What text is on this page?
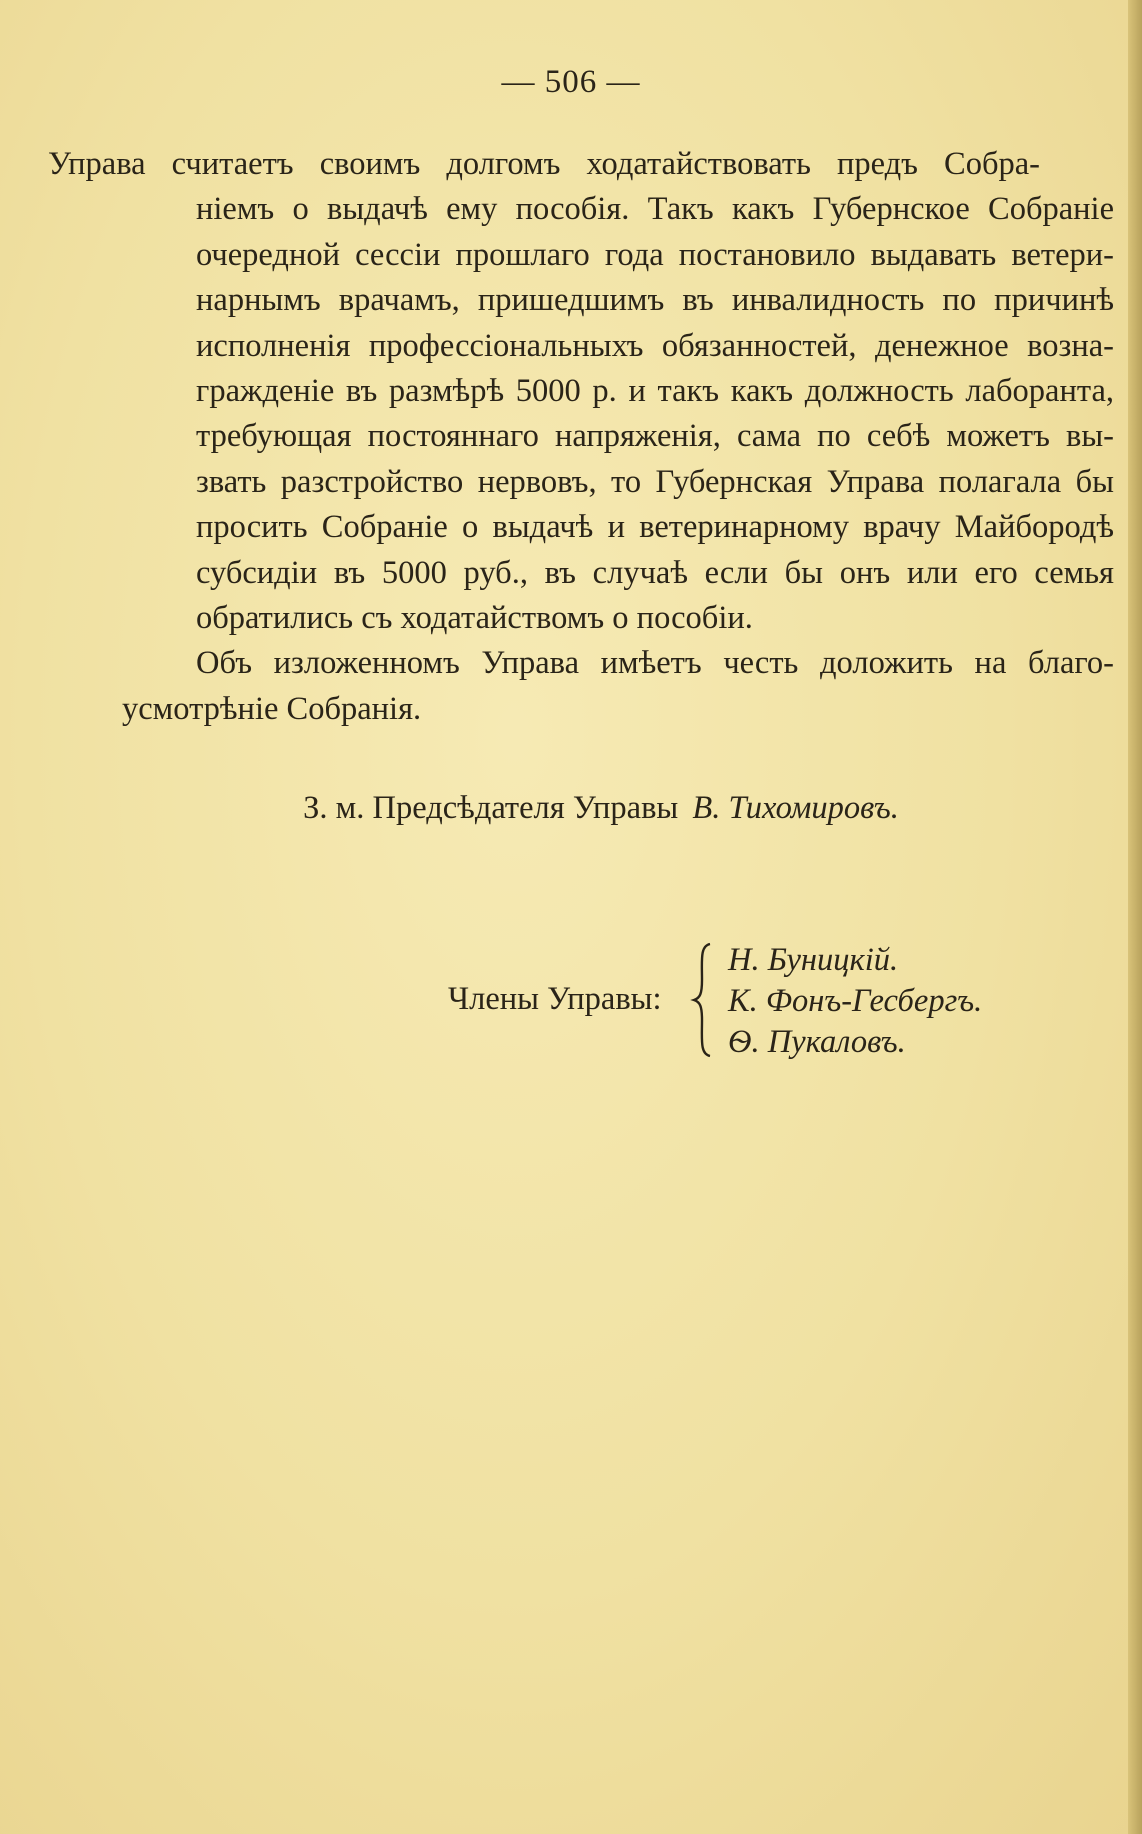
— 506 —

Управа считаетъ своимъ долгомъ ходатайствовать предъ Собра-
ніемъ о выдачѣ ему пособія. Такъ какъ Губернское Собраніе
очередной сессіи прошлаго года постановило выдавать ветери-
нарнымъ врачамъ, пришедшимъ въ инвалидность по причинѣ
исполненія профессіональныхъ обязанностей, денежное возна-
гражденіе въ размѣрѣ 5000 р. и такъ какъ должность лаборанта,
требующая постояннаго напряженія, сама по себѣ можетъ вы-
звать разстройство нервовъ, то Губернская Управа полагала бы
просить Собраніе о выдачѣ и ветеринарному врачу Майбородѣ
субсидіи въ 5000 руб., въ случаѣ если бы онъ или его семья
обратились съ ходатайствомъ о пособіи.

Объ изложенномъ Управа имѣетъ честь доложить на благо-
усмотрѣніе Собранія.

З. м. Предсѣдателя Управы В. Тихомировъ.
Члены Управы:
Н. Буницкій.
К. Фонъ-Гесбергъ.
Ѳ. Пукаловъ.
